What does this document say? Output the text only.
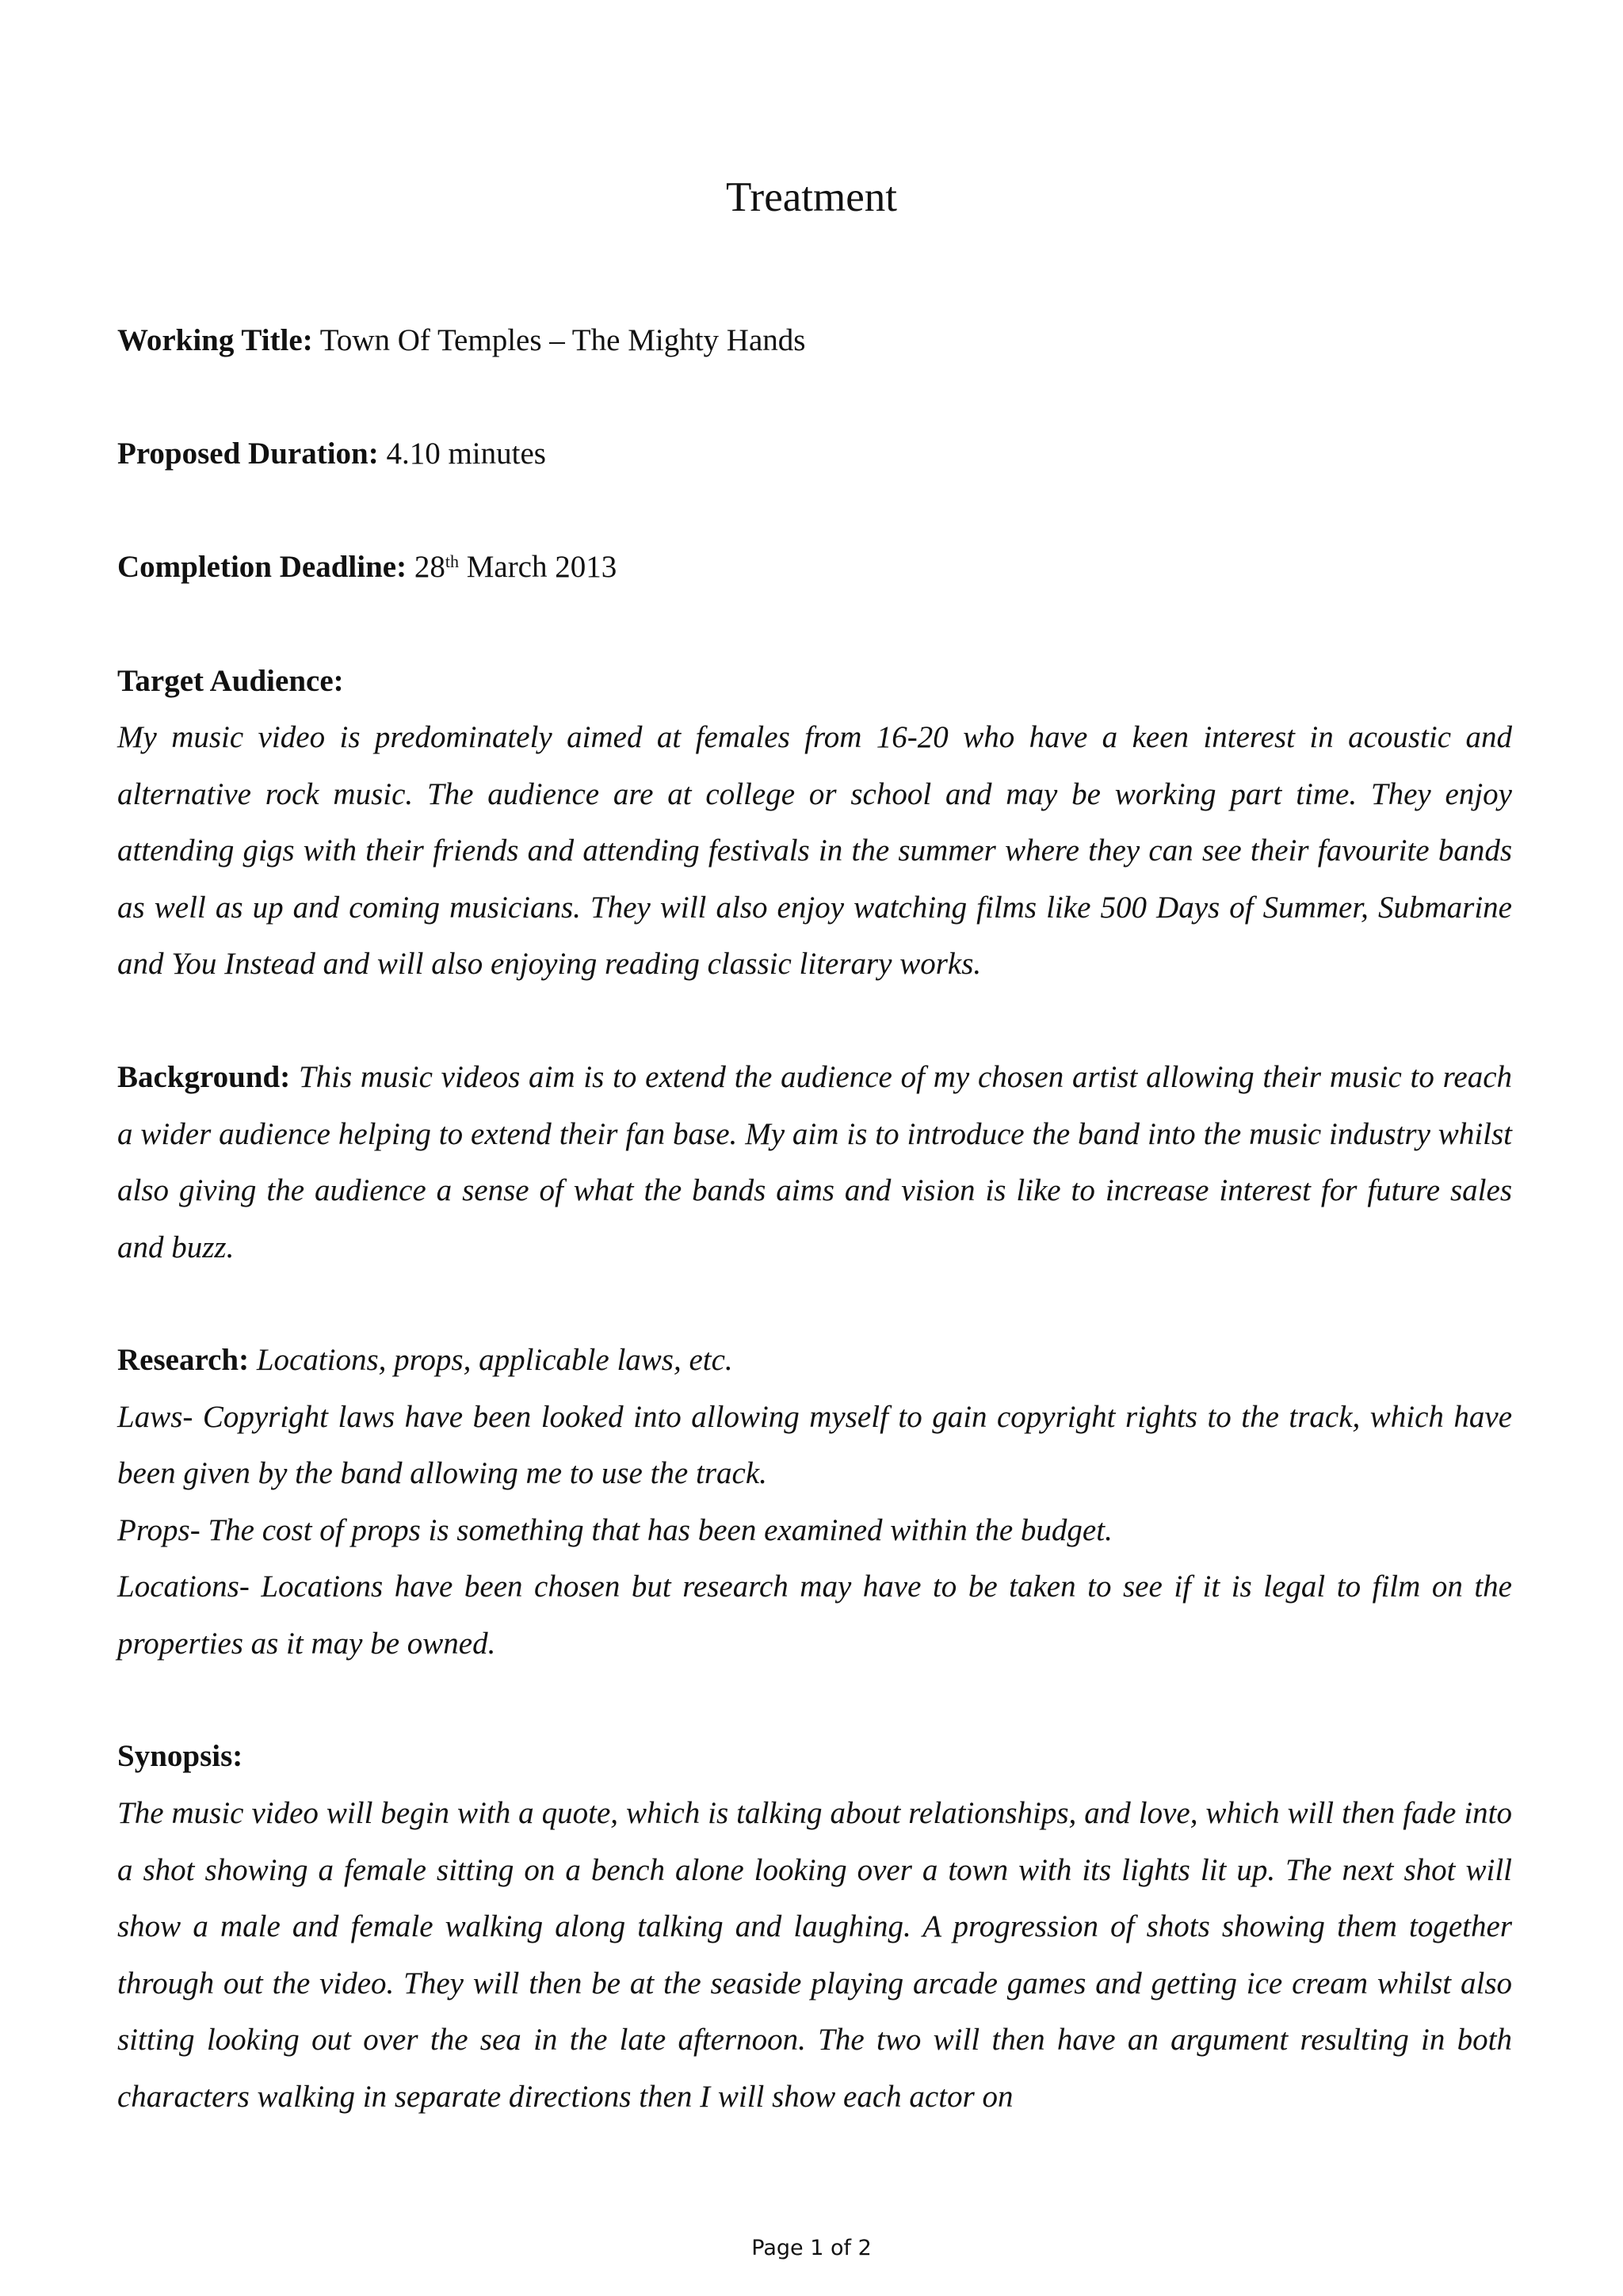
Treatment
Working Title: Town Of Temples – The Mighty Hands
Proposed Duration: 4.10 minutes
Completion Deadline: 28th March 2013
Target Audience:
My music video is predominately aimed at females from 16-20 who have a keen interest in acoustic and alternative rock music. The audience are at college or school and may be working part time. They enjoy attending gigs with their friends and attending festivals in the summer where they can see their favourite bands as well as up and coming musicians. They will also enjoy watching films like 500 Days of Summer, Submarine and You Instead and will also enjoying reading classic literary works.
Background: This music videos aim is to extend the audience of my chosen artist allowing their music to reach a wider audience helping to extend their fan base. My aim is to introduce the band into the music industry whilst also giving the audience a sense of what the bands aims and vision is like to increase interest for future sales and buzz.
Research: Locations, props, applicable laws, etc.
Laws- Copyright laws have been looked into allowing myself to gain copyright rights to the track, which have been given by the band allowing me to use the track.
Props- The cost of props is something that has been examined within the budget.
Locations- Locations have been chosen but research may have to be taken to see if it is legal to film on the properties as it may be owned.
Synopsis:
The music video will begin with a quote, which is talking about relationships, and love, which will then fade into a shot showing a female sitting on a bench alone looking over a town with its lights lit up. The next shot will show a male and female walking along talking and laughing. A progression of shots showing them together through out the video. They will then be at the seaside playing arcade games and getting ice cream whilst also sitting looking out over the sea in the late afternoon. The two will then have an argument resulting in both characters walking in separate directions then I will show each actor on
Page 1 of 2
